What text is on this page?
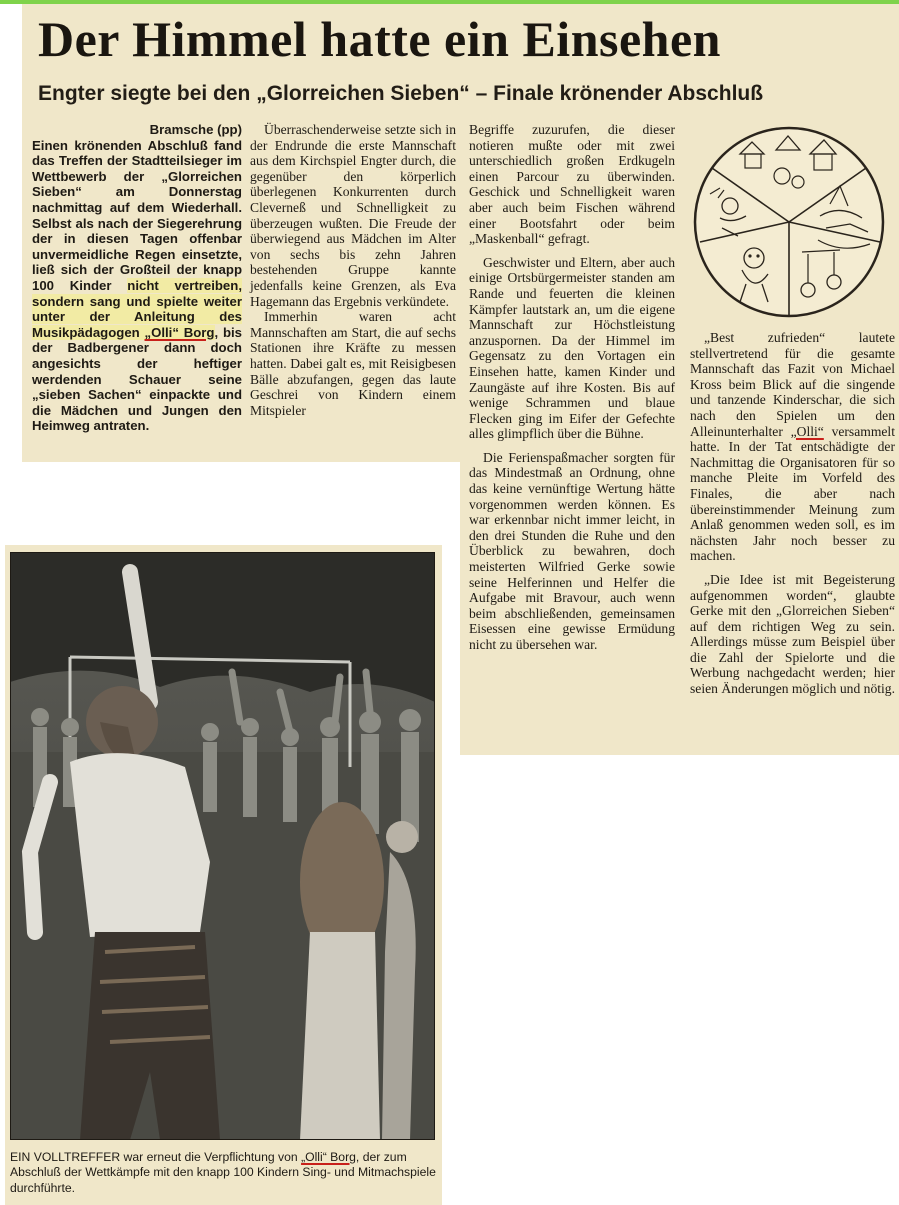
Der Himmel hatte ein Einsehen
Engter siegte bei den „Glorreichen Sieben“ – Finale krönender Abschluß
Bramsche (pp)

Einen krönenden Abschluß fand das Treffen der Stadtteilsieger im Wettbewerb der „Glorreichen Sieben“ am Donnerstag nachmittag auf dem Wiederhall. Selbst als nach der Siegerehrung der in diesen Tagen offenbar unvermeidliche Regen einsetzte, ließ sich der Großteil der knapp 100 Kinder nicht vertreiben, sondern sang und spielte weiter unter der Anleitung des Musikpädagogen „Olli“ Borg, bis der Badbergener dann doch angesichts der heftiger werdenden Schauer seine „sieben Sachen“ einpackte und die Mädchen und Jungen den Heimweg antraten.

Überraschenderweise setzte sich in der Endrunde die erste Mannschaft aus dem Kirchspiel Engter durch, die gegenüber den körperlich überlegenen Konkurrenten durch Cleverneß und Schnelligkeit zu überzeugen wußten. Die Freude der überwiegend aus Mädchen im Alter von sechs bis zehn Jahren bestehenden Gruppe kannte jedenfalls keine Grenzen, als Eva Hagemann das Ergebnis verkündete.

Immerhin waren acht Mannschaften am Start, die auf sechs Stationen ihre Kräfte zu messen hatten. Dabei galt es, mit Reisigbesen Bälle abzufangen, gegen das laute Geschrei von Kindern einem Mitspieler

Begriffe zuzurufen, die dieser notieren mußte oder mit zwei unterschiedlich großen Erdkugeln einen Parcour zu überwinden. Geschick und Schnelligkeit waren aber auch beim Fischen während einer Bootsfahrt oder beim „Maskenball“ gefragt.

Geschwister und Eltern, aber auch einige Ortsbürgermeister standen am Rande und feuerten die kleinen Kämpfer lautstark an, um die eigene Mannschaft zur Höchstleistung anzuspornen. Da der Himmel im Gegensatz zu den Vortagen ein Einsehen hatte, kamen Kinder und Zaungäste auf ihre Kosten. Bis auf wenige Schrammen und blaue Flecken ging im Eifer der Gefechte alles glimpflich über die Bühne.

Die Ferienspaßmacher sorgten für das Mindestmaß an Ordnung, ohne das keine vernünftige Wertung hätte vorgenommen werden können. Es war erkennbar nicht immer leicht, in den drei Stunden die Ruhe und den Überblick zu bewahren, doch meisterten Wilfried Gerke sowie seine Helferinnen und Helfer die Aufgabe mit Bravour, auch wenn beim abschließenden, gemeinsamen Eisessen eine gewisse Ermüdung nicht zu übersehen war.

„Best zufrieden“ lautete stellvertretend für die gesamte Mannschaft das Fazit von Michael Kross beim Blick auf die singende und tanzende Kinderschar, die sich nach den Spielen um den Alleinunterhalter „Olli“ versammelt hatte. In der Tat entschädigte der Nachmittag die Organisatoren für so manche Pleite im Vorfeld des Finales, die aber nach übereinstimmender Meinung zum Anlaß genommen weden soll, es im nächsten Jahr noch besser zu machen.

„Die Idee ist mit Begeisterung aufgenommen worden“, glaubte Gerke mit den „Glorreichen Sieben“ auf dem richtigen Weg zu sein. Allerdings müsse zum Beispiel über die Zahl der Spielorte und die Werbung nachgedacht werden; hier seien Änderungen möglich und nötig.

EIN VOLLTREFFER war erneut die Verpflichtung von „Olli“ Borg, der zum Abschluß der Wettkämpfe mit den knapp 100 Kindern Sing- und Mitmachspiele durchführte.
